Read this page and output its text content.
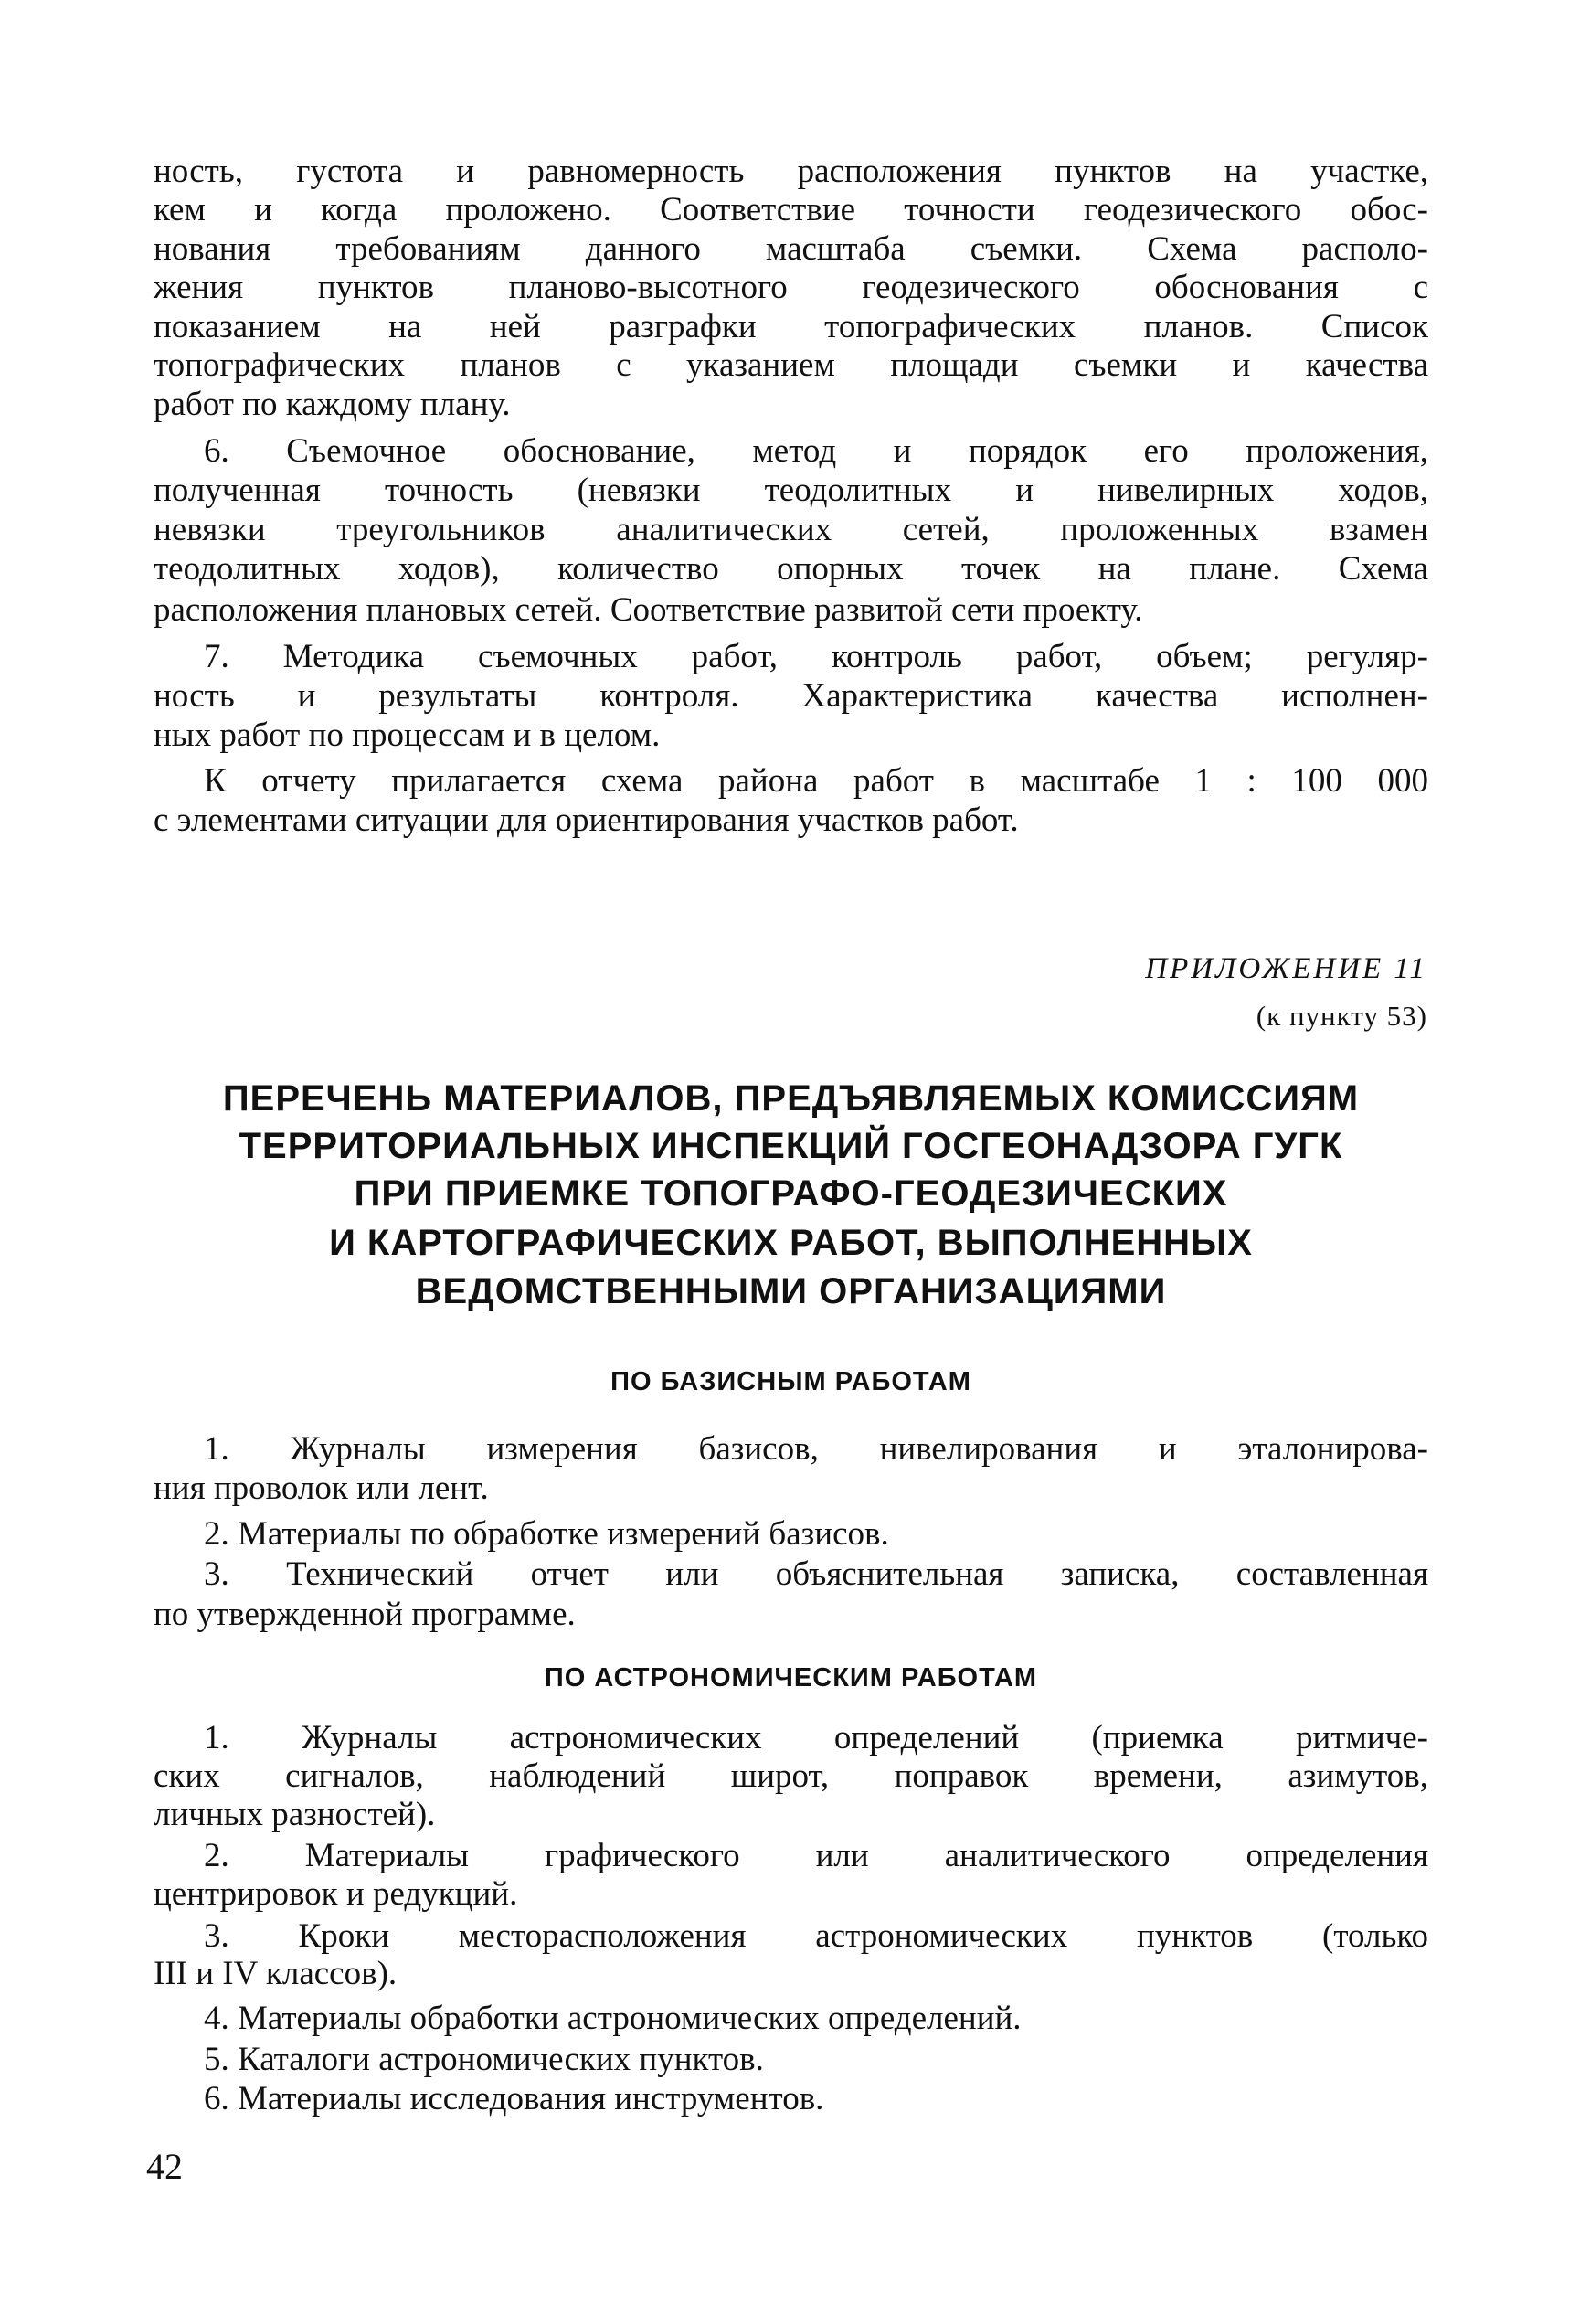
ПРИЛОЖЕНИЕ 11
(к пункту 53)
ПО БАЗИСНЫМ РАБОТАМ
ПО АСТРОНОМИЧЕСКИМ РАБОТАМ
42
ность, густота и равномерность расположения пунктов на участке,
кем и когда проложено. Соответствие точности геодезического обос-
нования требованиям данного масштаба съемки. Схема располо-
жения пунктов планово-высотного геодезического обоснования с
показанием на ней разграфки топографических планов. Список
топографических планов с указанием площади съемки и качества
работ по каждому плану.
6. Съемочное обоснование, метод и порядок его проложения,
полученная точность (невязки теодолитных и нивелирных ходов,
невязки треугольников аналитических сетей, проложенных взамен
теодолитных ходов), количество опорных точек на плане. Схема
расположения плановых сетей. Соответствие развитой сети проекту.
7. Методика съемочных работ, контроль работ, объем; регуляр-
ность и результаты контроля. Характеристика качества исполнен-
ных работ по процессам и в целом.
К отчету прилагается схема района работ в масштабе 1 : 100 000
с элементами ситуации для ориентирования участков работ.
1. Журналы измерения базисов, нивелирования и эталонирова-
ния проволок или лент.
2. Материалы по обработке измерений базисов.
3. Технический отчет или объяснительная записка, составленная
по утвержденной программе.
1. Журналы астрономических определений (приемка ритмиче-
ских сигналов, наблюдений широт, поправок времени, азимутов,
личных разностей).
2. Материалы графического или аналитического определения
центрировок и редукций.
3. Кроки месторасположения астрономических пунктов (только
III и IV классов).
4. Материалы обработки астрономических определений.
5. Каталоги астрономических пунктов.
6. Материалы исследования инструментов.
ПЕРЕЧЕНЬ МАТЕРИАЛОВ, ПРЕДЪЯВЛЯЕМЫХ КОМИССИЯМ
ТЕРРИТОРИАЛЬНЫХ ИНСПЕКЦИЙ ГОСГЕОНАДЗОРА ГУГК
ПРИ ПРИЕМКЕ ТОПОГРАФО-ГЕОДЕЗИЧЕСКИХ
И КАРТОГРАФИЧЕСКИХ РАБОТ, ВЫПОЛНЕННЫХ
ВЕДОМСТВЕННЫМИ ОРГАНИЗАЦИЯМИ
